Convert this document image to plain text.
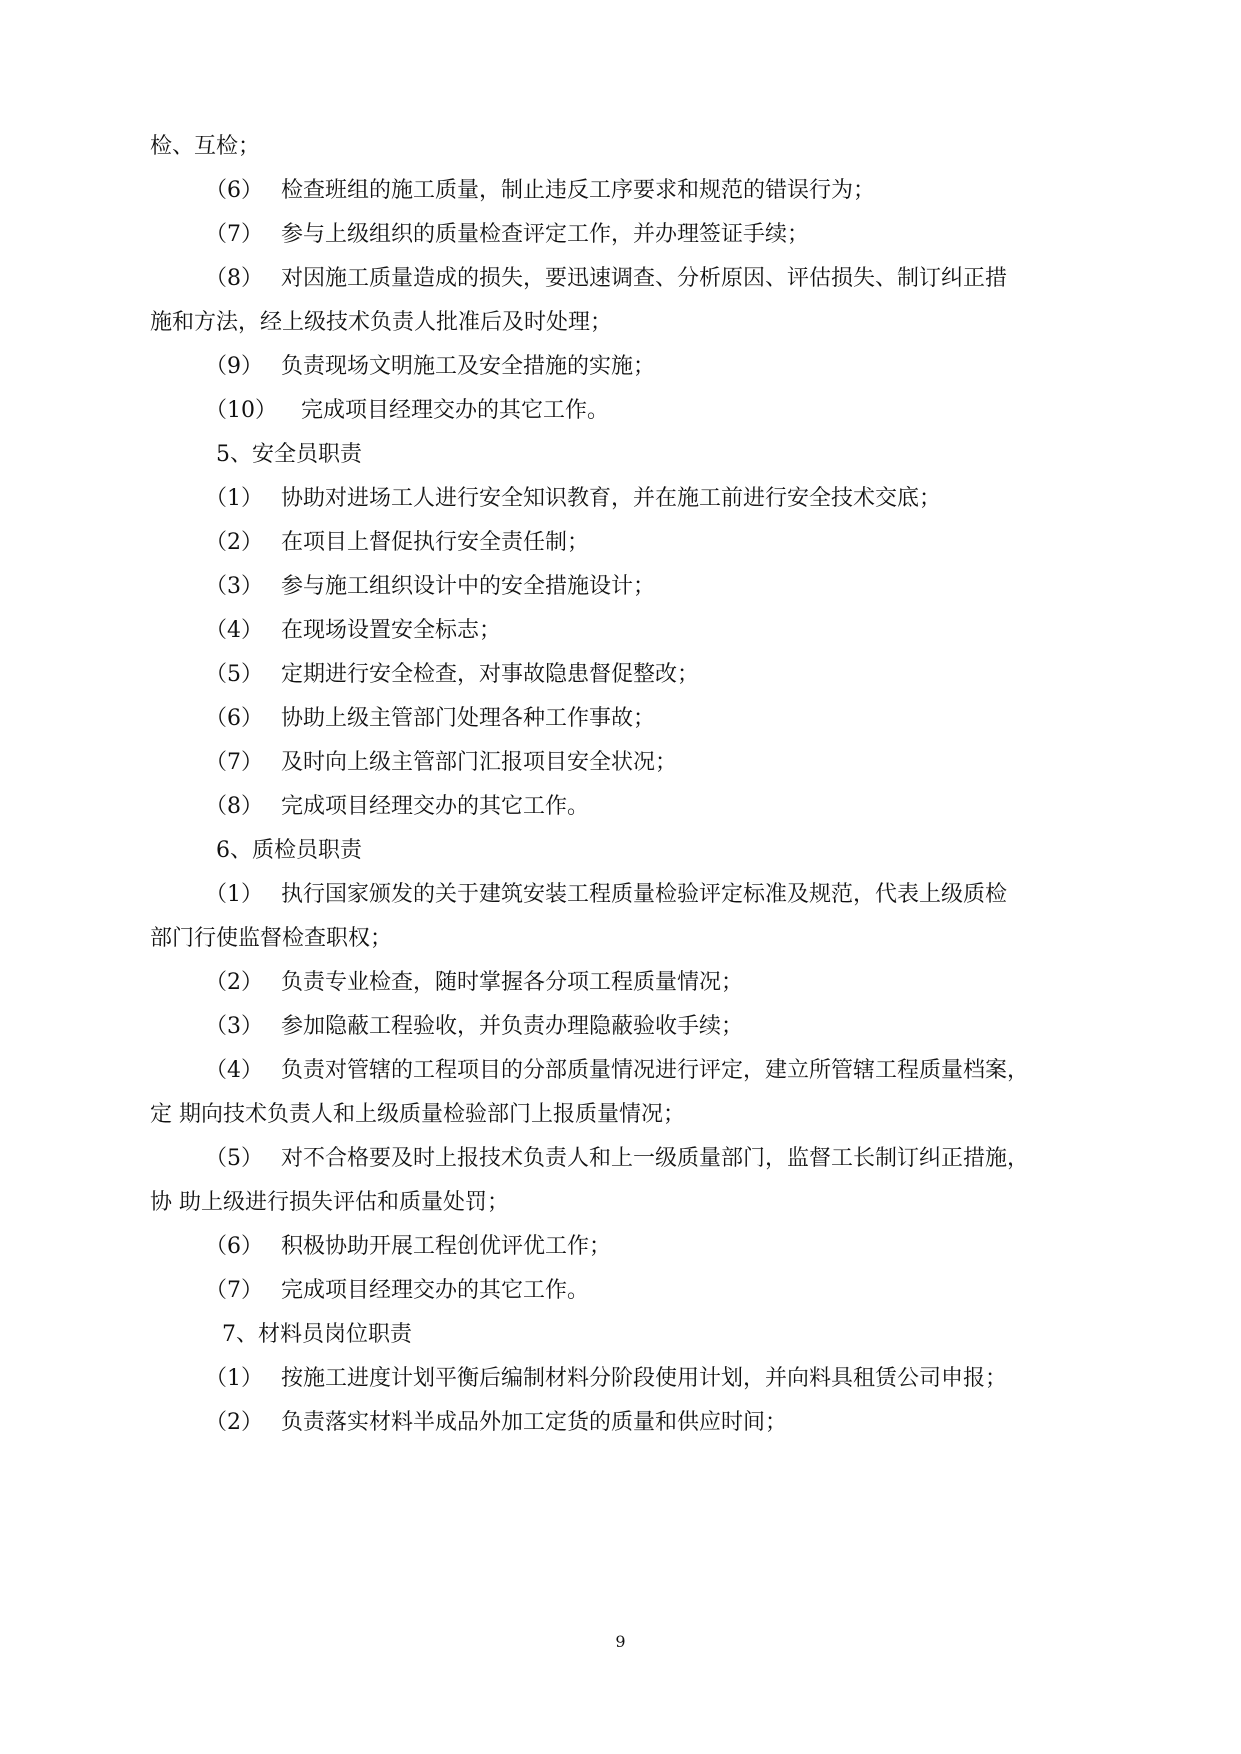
检、互检；
（6） 检查班组的施工质量，制止违反工序要求和规范的错误行为；
（7） 参与上级组织的质量检查评定工作，并办理签证手续；
（8） 对因施工质量造成的损失，要迅速调查、分析原因、评估损失、制订纠正措
施和方法，经上级技术负责人批准后及时处理；
（9） 负责现场文明施工及安全措施的实施；
（10） 完成项目经理交办的其它工作。
5、安全员职责
（1） 协助对进场工人进行安全知识教育，并在施工前进行安全技术交底；
（2） 在项目上督促执行安全责任制；
（3） 参与施工组织设计中的安全措施设计；
（4） 在现场设置安全标志；
（5） 定期进行安全检查，对事故隐患督促整改；
（6） 协助上级主管部门处理各种工作事故；
（7） 及时向上级主管部门汇报项目安全状况；
（8） 完成项目经理交办的其它工作。
6、质检员职责
（1） 执行国家颁发的关于建筑安装工程质量检验评定标准及规范，代表上级质检
部门行使监督检查职权；
（2） 负责专业检查，随时掌握各分项工程质量情况；
（3） 参加隐蔽工程验收，并负责办理隐蔽验收手续；
（4） 负责对管辖的工程项目的分部质量情况进行评定，建立所管辖工程质量档案，
定 期向技术负责人和上级质量检验部门上报质量情况；
（5） 对不合格要及时上报技术负责人和上一级质量部门，监督工长制订纠正措施，
协 助上级进行损失评估和质量处罚；
（6） 积极协助开展工程创优评优工作；
（7） 完成项目经理交办的其它工作。
7、材料员岗位职责
（1） 按施工进度计划平衡后编制材料分阶段使用计划，并向料具租赁公司申报；
（2） 负责落实材料半成品外加工定货的质量和供应时间；
9
